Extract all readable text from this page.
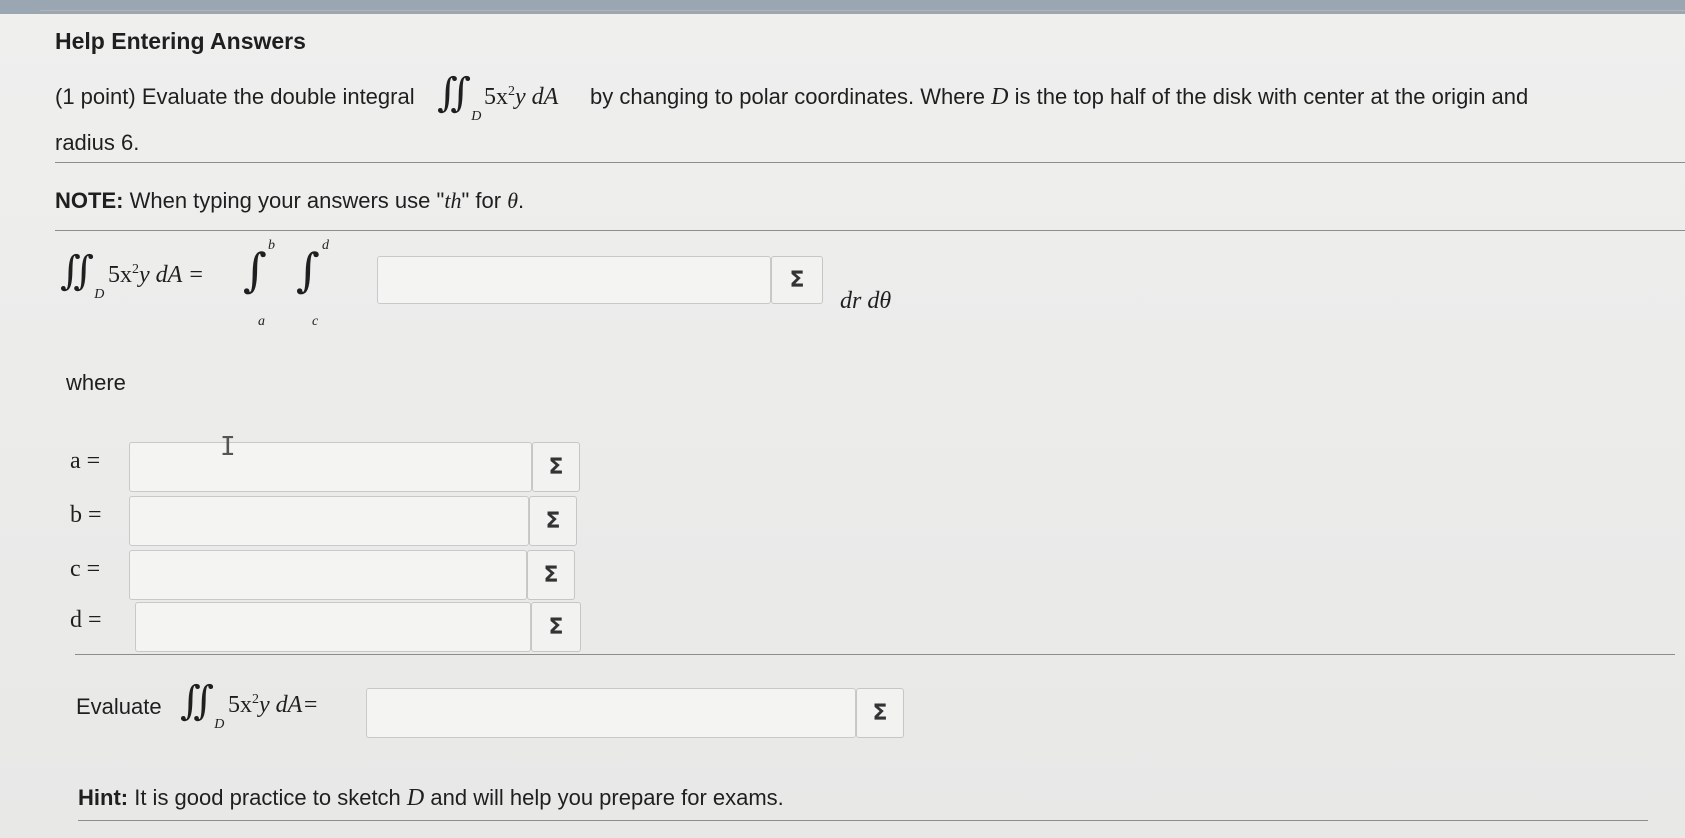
Help Entering Answers
(1 point) Evaluate the double integral ∬ $_D$
$5x^2y$ dA by changing to polar coordinates. Where D is the top half of the disk with center at the origin and
radius 6.
NOTE: When typing your answers use "th" for θ.
∬ $_D$
$5x^2y$ dA = ∫ b
a
∫ d
c
Σ
dr dθ
where
a =	Σ
I
b =	Σ
c =	Σ
d =	Σ
Evaluate ∬ $_D$
$5x^2y$ dA=	Σ
Hint: It is good practice to sketch D and will help you prepare for exams.
